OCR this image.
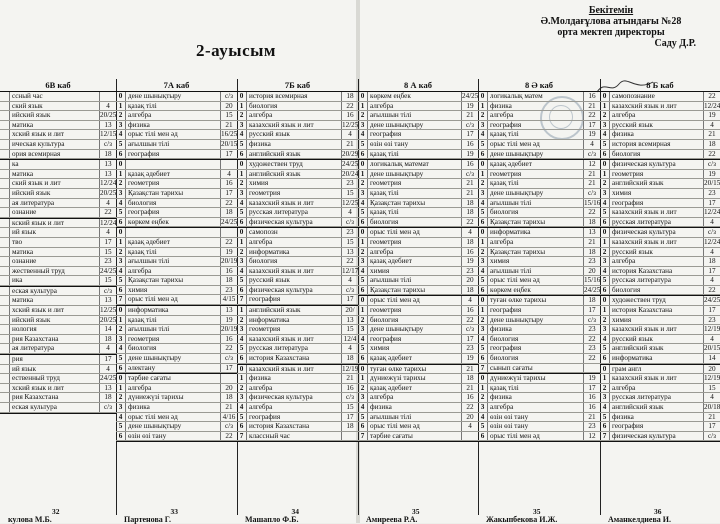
2-ауысым
Бекітемін
Ә.Молдағұлова атындағы №28
орта мектеп директоры
Саду Д.Р.
6В каб
ссный час
ский язык	4
ийский язык	20/25
матика	13
хский язык и лит	12/15
ическая культура	с/з
ория всемирная	18
ка	13
матика	13
ский язык и лит	12/24
ийский язык	20/25
ая литература	4
ознание	22
кский язык и лит	12/24
ий язык	4
тво	17
матика	15
ознание	23
жественный труд	24/25
ика	15
еская культура	с/з
матика	13
хский язык и лит	12/25
ийский язык	20/25
нология	14
рия Казахстана	18
ая литература	4
рия	17
ий язык	4
ественный труд	24/25
хский язык и лит	13
рия Казахстана	18
еская культура	с/з
7А каб
0 дене шынықтыру	с/з
1 қазақ тілі	20
2 алгебра	15
3 физика	21
4 орыс тілі мен әд	16/25
5 ағылшын тілі	20/15
6 география	17
0
1 қазақ әдебиет	4
2 геометрия	16
3 Қазақстан тарихы	17
4 биология	22
5 география	18
6 көркем еңбек	24/25
0
1 қазақ әдебиет	22
2 қазақ тілі	19
3 ағылшын тілі	20/19
4 алгебра	16
5 Қазақстан тарихы	18
6 химия	23
7 орыс тілі мен әд	4/15
0 информатика	13
1 қазақ тілі	19
2 ағылшын тілі	20/19
3 геометрия	16
4 биология	22
5 дене шынықтыру	с/з
6 әлектану	17
0 тәрбие сағаты
1 алгебра	20
2 дүниежүзі тарихы	18
3 физика	21
4 орыс тілі мен әд	4/16
5 дене шынықтыру	с/з
6 өзін өзі тану	22
7Б каб
0 история всемирная	18
1 биология	22
2 алгебра	16
3 казахский язык и лит	12/25
4 русский язык	4
5 физика	21
6 английский язык	20/29
0 художествен труд	24/25
1 английский язык	20/24
2 химия	23
3 геометрия	15
4 казахский язык и лит	12/25
5 русская литература	4
6 физическая культура	с/з
0 самопозн	23
1 алгебра	15
2 информатика	13
3 биология	22
4 казахский язык и лит	12/17
5 русский язык	4
6 физическая культура	с/з
7 география	17
1 английский язык	20/
2 информатика	13
3 геометрия	15
4 казахский язык и лит	12/4
5 русская литература	4
6 история Казахстана	18
0 казахский язык и лит	12/19
1 физика	21
2 алгебра	16
3 физическая культура	с/з
4 алгебра	15
5 география	17
6 история Казахстана	18
7 классный час
8 А каб
0 көркем еңбек	24/25
1 алгебра	19
2 ағылшын тілі	21
3 дене шынықтыру	с/з
4 география	17
5 өзін өзі тану	16
6 қазақ тілі	19
0 логикалық математ	16
1 дене шынықтыру	с/з
2 геометрия	21
3 қазақ тілі	21
4 Қазақстан тарихы	18
5 қазақ тілі	18
6 биология	22
0 орыс тілі мен әд	4
1 геометрия	18
2 алгебра	16
3 қазақ әдебиет	19
4 химия	23
5 ағылшын тілі	20
6 Қазақстан тарихы	18
0 орыс тілі мен әд	4
1 геометрия	16
2 биология	22
3 дене шынықтыру	с/з
4 география	17
5 химия	23
6 қазақ әдебиет	19
0 туған өлке тарихы	21
1 дүниежүзі тарихы	18
2 қазақ әдебиет	21
3 алгебра	16
4 физика	22
5 ағылшын тілі	20
6 орыс тілі мен әд	4
7 тәрбие сағаты
8 Ә каб
0 логикалық матем	16
1 физика	21
2 алгебра	22
3 география	17
4 қазақ тілі	19
5 орыс тілі мен әд	4
6 дене шынықтыру	с/з
0 қазақ әдебиет	12
1 геометрия	21
2 қазақ тілі	21
3 дене шынықтыру	с/з
4 ағылшын тілі	15/16
5 биология	22
6 Қазақстан тарихы	18
0 информатика	13
1 алгебра	21
2 Қазақстан тарихы	18
3 химия	23
4 ағылшын тілі	20
5 орыс тілі мен әд	15/16
6 көркем еңбек	24/25
0 туған өлке тарихы	18
1 география	17
2 дене шынықтыру	с/з
3 физика	23
4 биология	22
5 география	23
6 биология	22
7 сынып сағаты
0 дүниежүзі тарихы	19
1 қазақ тілі	17
2 физика	16
3 алгебра	16
4 өзін өзі тану	21
5 өзін өзі тану	23
6 орыс тілі мен әд	12
8 Б каб
0 самопознание	22
1 казахский язык и лит	12/24
2 алгебра	19
3 русский язык	4
4 физика	21
5 история всемирная	18
6 биология	22
0 физическая культура	с/з
1 геометрия	19
2 английский язык	20/15
3 химия	23
4 география	17
5 казахский язык и лит	12/24
6 русская литература	4
0 физическая культура	с/з
1 казахский язык и лит	12/24
2 русский язык	4
3 алгебра	18
4 история Казахстана	17
5 русская литература	4
6 биология	22
0 художествен труд	24/25
1 история Казахстана	17
2 химия	23
3 казахский язык и лит	12/19
4 русский язык	4
5 английский язык	20/15
6 информатика	14
0 грам англ	20
1 казахский язык и лит	12/19
2 алгебра	15
3 русская литература	4
4 английский язык	20/18
5 физика	21
6 география	17
7 физическая культура	с/з
32
кулова М.Б.
33
Партенова Г.
34
Машапло Ф.Б.
35
Амиреева Р.А.
35
Жакыпбекова И.Ж.
36
Аманкелдиева И.
